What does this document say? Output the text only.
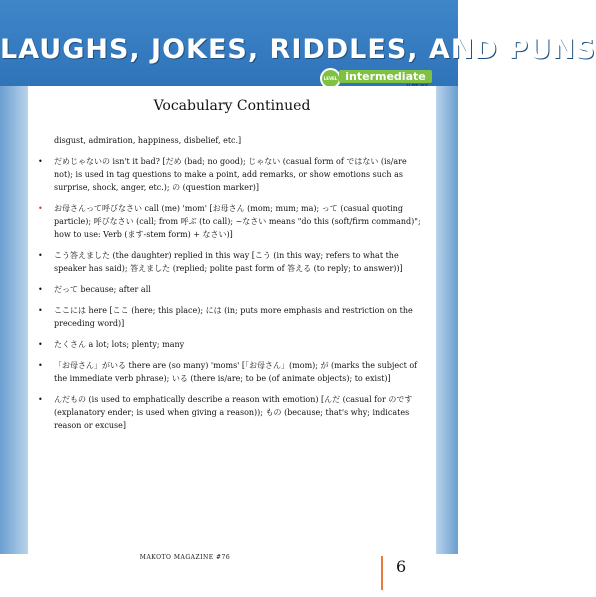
LAUGHS, JOKES, RIDDLES, AND PUNS
LEVEL intermediate
Vocabulary Continued
disgust, admiration, happiness, disbelief, etc.]
• だめじゃないの isn't it bad? [だめ (bad; no good); じゃない (casual form of ではない (is/are not); is used in tag questions to make a point, add remarks, or show emotions such as surprise, shock, anger, etc.); の (question marker)]
• お母さんって呼びなさい call (me) 'mom' [お母さん (mom; mum; ma); って (casual quoting particle); 呼びなさい (call; from 呼ぶ (to call); ~なさい means "do this (soft/firm command)"; how to use: Verb (ます-stem form) + なさい)]
• こう答えました (the daughter) replied in this way [こう (in this way; refers to what the speaker has said); 答えました (replied; polite past form of 答える (to reply; to answer))]
• だって because; after all
• ここには here [ここ (here; this place); には (in; puts more emphasis and restriction on the preceding word)]
• たくさん a lot; lots; plenty; many
• 「お母さん」がいる there are (so many) 'moms' [「お母さん」(mom); が (marks the subject of the immediate verb phrase); いる (there is/are; to be (of animate objects); to exist)]
• んだもの (is used to emphatically describe a reason with emotion) [んだ (casual for のです (explanatory ender; is used when giving a reason)); もの (because; that's why; indicates reason or excuse]
MAKOTO MAGAZINE #76	6
